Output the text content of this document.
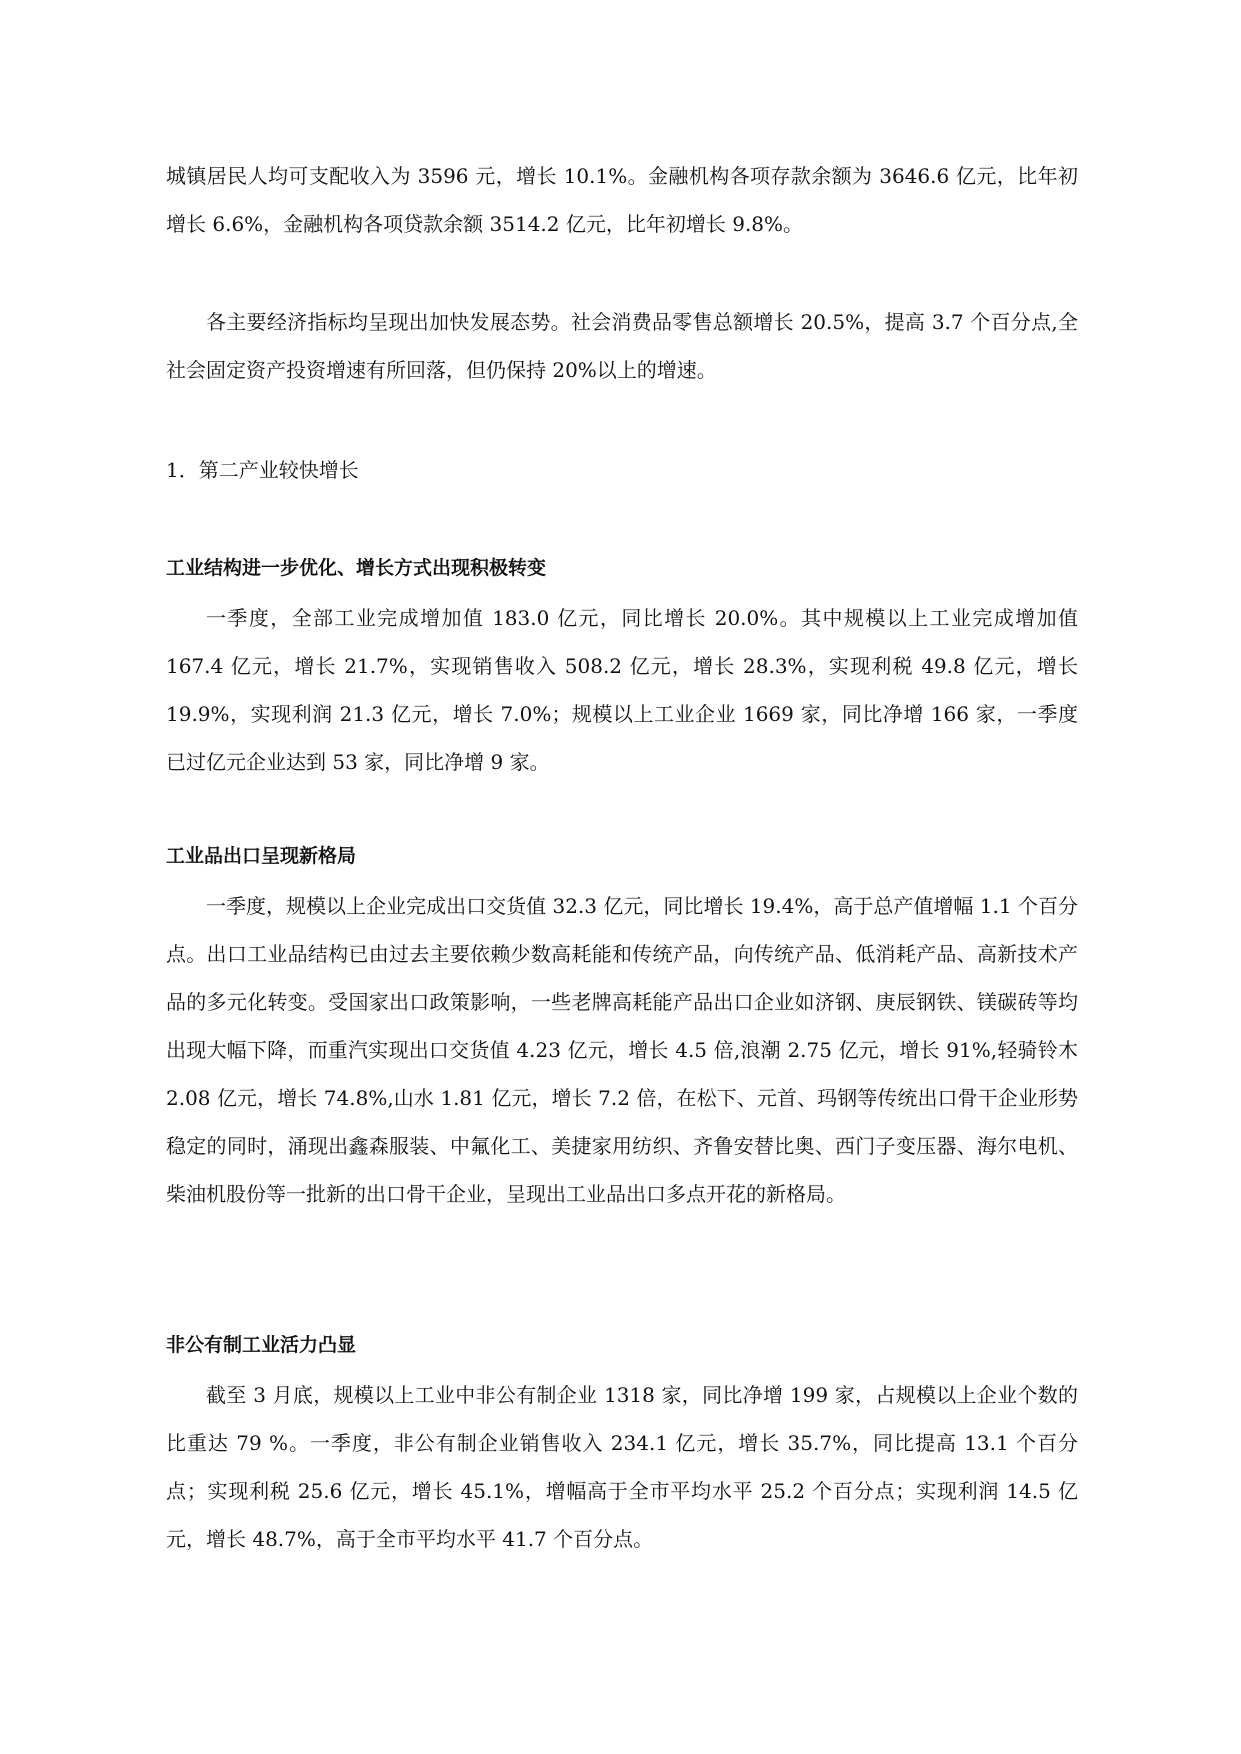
城镇居民人均可支配收入为 3596 元，增长 10.1%。金融机构各项存款余额为 3646.6 亿元，比年初增长 6.6%，金融机构各项贷款余额 3514.2 亿元，比年初增长 9.8%。

各主要经济指标均呈现出加快发展态势。社会消费品零售总额增长 20.5%，提高 3.7 个百分点,全社会固定资产投资增速有所回落，但仍保持 20%以上的增速。

1．第二产业较快增长

工业结构进一步优化、增长方式出现积极转变

一季度，全部工业完成增加值 183.0 亿元，同比增长 20.0%。其中规模以上工业完成增加值 167.4 亿元，增长 21.7%，实现销售收入 508.2 亿元，增长 28.3%，实现利税 49.8 亿元，增长 19.9%，实现利润 21.3 亿元，增长 7.0%；规模以上工业企业 1669 家，同比净增 166 家，一季度已过亿元企业达到 53 家，同比净增 9 家。

工业品出口呈现新格局

一季度，规模以上企业完成出口交货值 32.3 亿元，同比增长 19.4%，高于总产值增幅 1.1 个百分点。出口工业品结构已由过去主要依赖少数高耗能和传统产品，向传统产品、低消耗产品、高新技术产品的多元化转变。受国家出口政策影响，一些老牌高耗能产品出口企业如济钢、庚辰钢铁、镁碳砖等均出现大幅下降，而重汽实现出口交货值 4.23 亿元，增长 4.5 倍,浪潮 2.75 亿元，增长 91%,轻骑铃木 2.08 亿元，增长 74.8%,山水 1.81 亿元，增长 7.2 倍，在松下、元首、玛钢等传统出口骨干企业形势稳定的同时，涌现出鑫森服装、中氟化工、美捷家用纺织、齐鲁安替比奥、西门子变压器、海尔电机、柴油机股份等一批新的出口骨干企业，呈现出工业品出口多点开花的新格局。

非公有制工业活力凸显

截至 3 月底，规模以上工业中非公有制企业 1318 家，同比净增 199 家，占规模以上企业个数的比重达 79 %。一季度，非公有制企业销售收入 234.1 亿元，增长 35.7%，同比提高 13.1 个百分点；实现利税 25.6 亿元，增长 45.1%，增幅高于全市平均水平 25.2 个百分点；实现利润 14.5 亿元，增长 48.7%，高于全市平均水平 41.7 个百分点。
